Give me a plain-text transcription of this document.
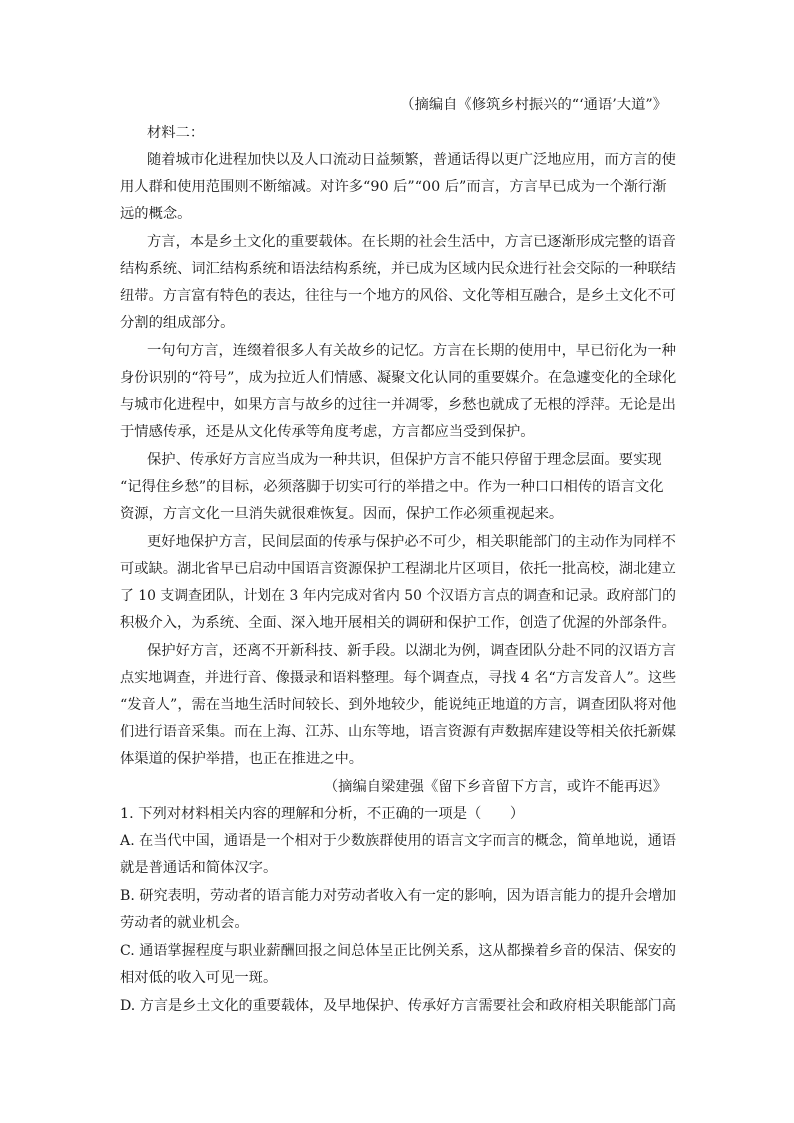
（摘编自《修筑乡村振兴的“‘通语’大道”》
材料二：
随着城市化进程加快以及人口流动日益频繁，普通话得以更广泛地应用，而方言的使
用人群和使用范围则不断缩减。对许多“90 后”“00 后”而言，方言早已成为一个渐行渐
远的概念。
方言，本是乡土文化的重要载体。在长期的社会生活中，方言已逐渐形成完整的语音
结构系统、词汇结构系统和语法结构系统，并已成为区域内民众进行社会交际的一种联结
纽带。方言富有特色的表达，往往与一个地方的风俗、文化等相互融合，是乡土文化不可
分割的组成部分。
一句句方言，连缀着很多人有关故乡的记忆。方言在长期的使用中，早已衍化为一种
身份识别的“符号”，成为拉近人们情感、凝聚文化认同的重要媒介。在急遽变化的全球化
与城市化进程中，如果方言与故乡的过往一并凋零，乡愁也就成了无根的浮萍。无论是出
于情感传承，还是从文化传承等角度考虑，方言都应当受到保护。
保护、传承好方言应当成为一种共识，但保护方言不能只停留于理念层面。要实现
“记得住乡愁”的目标，必须落脚于切实可行的举措之中。作为一种口口相传的语言文化
资源，方言文化一旦消失就很难恢复。因而，保护工作必须重视起来。
更好地保护方言，民间层面的传承与保护必不可少，相关职能部门的主动作为同样不
可或缺。湖北省早已启动中国语言资源保护工程湖北片区项目，依托一批高校，湖北建立
了 10 支调查团队，计划在 3 年内完成对省内 50 个汉语方言点的调查和记录。政府部门的
积极介入，为系统、全面、深入地开展相关的调研和保护工作，创造了优渥的外部条件。
保护好方言，还离不开新科技、新手段。以湖北为例，调查团队分赴不同的汉语方言
点实地调查，并进行音、像摄录和语料整理。每个调查点，寻找 4 名“方言发音人”。这些
“发音人”，需在当地生活时间较长、到外地较少，能说纯正地道的方言，调查团队将对他
们进行语音采集。而在上海、江苏、山东等地，语言资源有声数据库建设等相关依托新媒
体渠道的保护举措，也正在推进之中。
（摘编自梁建强《留下乡音留下方言，或许不能再迟》
1. 下列对材料相关内容的理解和分析，不正确的一项是（　　）
A. 在当代中国，通语是一个相对于少数族群使用的语言文字而言的概念，简单地说，通语
就是普通话和简体汉字。
B. 研究表明，劳动者的语言能力对劳动者收入有一定的影响，因为语言能力的提升会增加
劳动者的就业机会。
C. 通语掌握程度与职业薪酬回报之间总体呈正比例关系，这从都操着乡音的保洁、保安的
相对低的收入可见一斑。
D. 方言是乡土文化的重要载体，及早地保护、传承好方言需要社会和政府相关职能部门高
